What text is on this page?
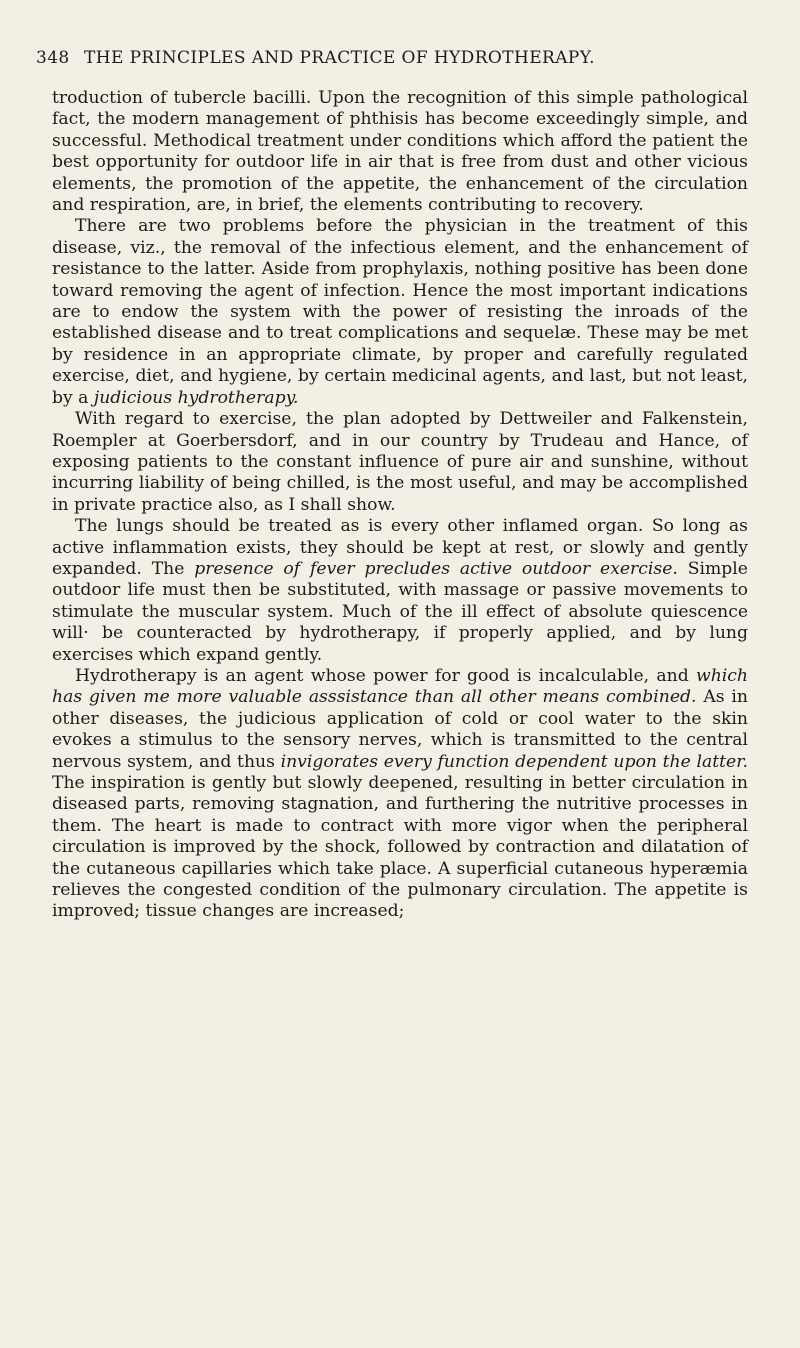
348 THE PRINCIPLES AND PRACTICE OF HYDROTHERAPY.

troduction of tubercle bacilli. Upon the recognition of this simple pathological fact, the modern management of phthisis has become exceedingly simple, and successful. Methodical treatment under conditions which afford the patient the best opportunity for outdoor life in air that is free from dust and other vicious elements, the promotion of the appetite, the enhancement of the circulation and respiration, are, in brief, the elements contributing to recovery.

There are two problems before the physician in the treatment of this disease, viz., the removal of the infectious element, and the enhancement of resistance to the latter. Aside from prophylaxis, nothing positive has been done toward removing the agent of infection. Hence the most important indications are to endow the system with the power of resisting the inroads of the established disease and to treat complications and sequelæ. These may be met by residence in an appropriate climate, by proper and carefully regulated exercise, diet, and hygiene, by certain medicinal agents, and last, but not least, by a judicious hydrotherapy.

With regard to exercise, the plan adopted by Dettweiler and Falkenstein, Roempler at Goerbersdorf, and in our country by Trudeau and Hance, of exposing patients to the constant influence of pure air and sunshine, without incurring liability of being chilled, is the most useful, and may be accomplished in private practice also, as I shall show.

The lungs should be treated as is every other inflamed organ. So long as active inflammation exists, they should be kept at rest, or slowly and gently expanded. The presence of fever precludes active outdoor exercise. Simple outdoor life must then be substituted, with massage or passive movements to stimulate the muscular system. Much of the ill effect of absolute quiescence will· be counteracted by hydrotherapy, if properly applied, and by lung exercises which expand gently.

Hydrotherapy is an agent whose power for good is incalculable, and which has given me more valuable asssistance than all other means combined. As in other diseases, the judicious application of cold or cool water to the skin evokes a stimulus to the sensory nerves, which is transmitted to the central nervous system, and thus invigorates every function dependent upon the latter. The inspiration is gently but slowly deepened, resulting in better circulation in diseased parts, removing stagnation, and furthering the nutritive processes in them. The heart is made to contract with more vigor when the peripheral circulation is improved by the shock, followed by contraction and dilatation of the cutaneous capillaries which take place. A superficial cutaneous hyperæmia relieves the congested condition of the pulmonary circulation. The appetite is improved; tissue changes are increased;
